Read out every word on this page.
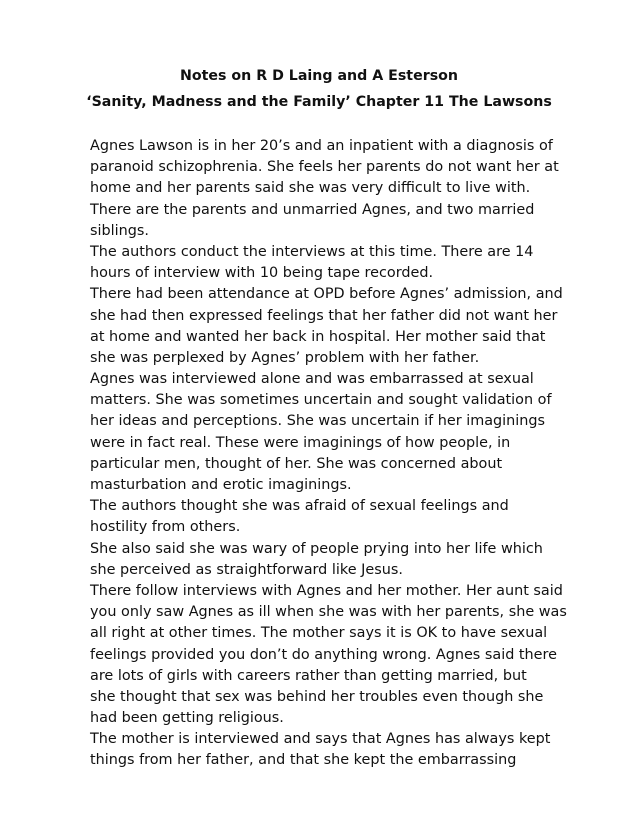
Notes on R D Laing and A Esterson
‘Sanity, Madness and the Family’ Chapter 11 The Lawsons
Agnes Lawson is in her 20’s and an inpatient with a diagnosis of
paranoid schizophrenia. She feels her parents do not want her at
home and her parents said she was very difficult to live with.
There are the parents and unmarried Agnes, and two married
siblings.
The authors conduct the interviews at this time. There are 14
hours of interview with 10 being tape recorded.
There had been attendance at OPD before Agnes’ admission, and
she had then expressed feelings that her father did not want her
at home and wanted her back in hospital. Her mother said that
she was perplexed by Agnes’ problem with her father.
Agnes was interviewed alone and was embarrassed at sexual
matters. She was sometimes uncertain and sought validation of
her ideas and perceptions. She was uncertain if her imaginings
were in fact real. These were imaginings of how people, in
particular men, thought of her. She was concerned about
masturbation and erotic imaginings.
The authors thought she was afraid of sexual feelings and
hostility from others.
She also said she was wary of people prying into her life which
she perceived as straightforward like Jesus.
There follow interviews with Agnes and her mother. Her aunt said
you only saw Agnes as ill when she was with her parents, she was
all right at other times. The mother says it is OK to have sexual
feelings provided you don’t do anything wrong. Agnes said there
are lots of girls with careers rather than getting married, but
she thought that sex was behind her troubles even though she
had been getting religious.
The mother is interviewed and says that Agnes has always kept
things from her father, and that she kept the embarrassing
